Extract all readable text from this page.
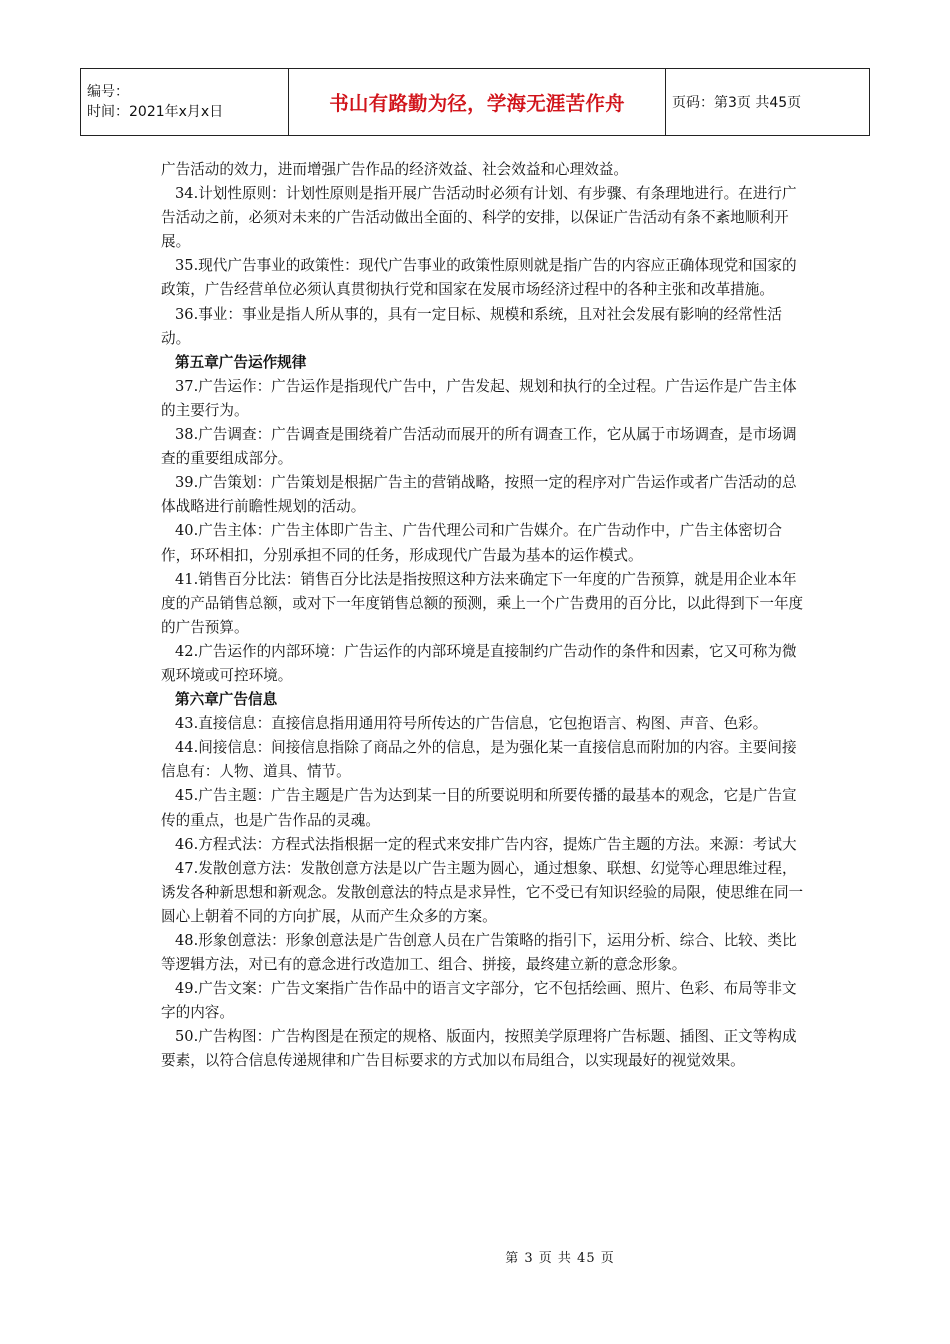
编号：
时间：2021年x月x日	书山有路勤为径，学海无涯苦作舟	页码：第3页 共45页

广告活动的效力，进而增强广告作品的经济效益、社会效益和心理效益。

34.计划性原则：计划性原则是指开展广告活动时必须有计划、有步骤、有条理地进行。在进行广告活动之前，必须对未来的广告活动做出全面的、科学的安排，以保证广告活动有条不紊地顺利开展。

35.现代广告事业的政策性：现代广告事业的政策性原则就是指广告的内容应正确体现党和国家的政策，广告经营单位必须认真贯彻执行党和国家在发展市场经济过程中的各种主张和改革措施。

36.事业：事业是指人所从事的，具有一定目标、规模和系统，且对社会发展有影响的经常性活动。

第五章广告运作规律

37.广告运作：广告运作是指现代广告中，广告发起、规划和执行的全过程。广告运作是广告主体的主要行为。

38.广告调查：广告调查是围绕着广告活动而展开的所有调查工作，它从属于市场调查，是市场调查的重要组成部分。

39.广告策划：广告策划是根据广告主的营销战略，按照一定的程序对广告运作或者广告活动的总体战略进行前瞻性规划的活动。

40.广告主体：广告主体即广告主、广告代理公司和广告媒介。在广告动作中，广告主体密切合作，环环相扣，分别承担不同的任务，形成现代广告最为基本的运作模式。

41.销售百分比法：销售百分比法是指按照这种方法来确定下一年度的广告预算，就是用企业本年度的产品销售总额，或对下一年度销售总额的预测，乘上一个广告费用的百分比，以此得到下一年度的广告预算。

42.广告运作的内部环境：广告运作的内部环境是直接制约广告动作的条件和因素，它又可称为微观环境或可控环境。

第六章广告信息

43.直接信息：直接信息指用通用符号所传达的广告信息，它包抱语言、构图、声音、色彩。

44.间接信息：间接信息指除了商品之外的信息，是为强化某一直接信息而附加的内容。主要间接信息有：人物、道具、情节。

45.广告主题：广告主题是广告为达到某一目的所要说明和所要传播的最基本的观念，它是广告宣传的重点，也是广告作品的灵魂。

46.方程式法：方程式法指根据一定的程式来安排广告内容，提炼广告主题的方法。来源：考试大

47.发散创意方法：发散创意方法是以广告主题为圆心，通过想象、联想、幻觉等心理思维过程，诱发各种新思想和新观念。发散创意法的特点是求异性，它不受已有知识经验的局限，使思维在同一圆心上朝着不同的方向扩展，从而产生众多的方案。

48.形象创意法：形象创意法是广告创意人员在广告策略的指引下，运用分析、综合、比较、类比等逻辑方法，对已有的意念进行改造加工、组合、拼接，最终建立新的意念形象。

49.广告文案：广告文案指广告作品中的语言文字部分，它不包括绘画、照片、色彩、布局等非文字的内容。

50.广告构图：广告构图是在预定的规格、版面内，按照美学原理将广告标题、插图、正文等构成要素，以符合信息传递规律和广告目标要求的方式加以布局组合，以实现最好的视觉效果。

第 3 页 共 45 页
